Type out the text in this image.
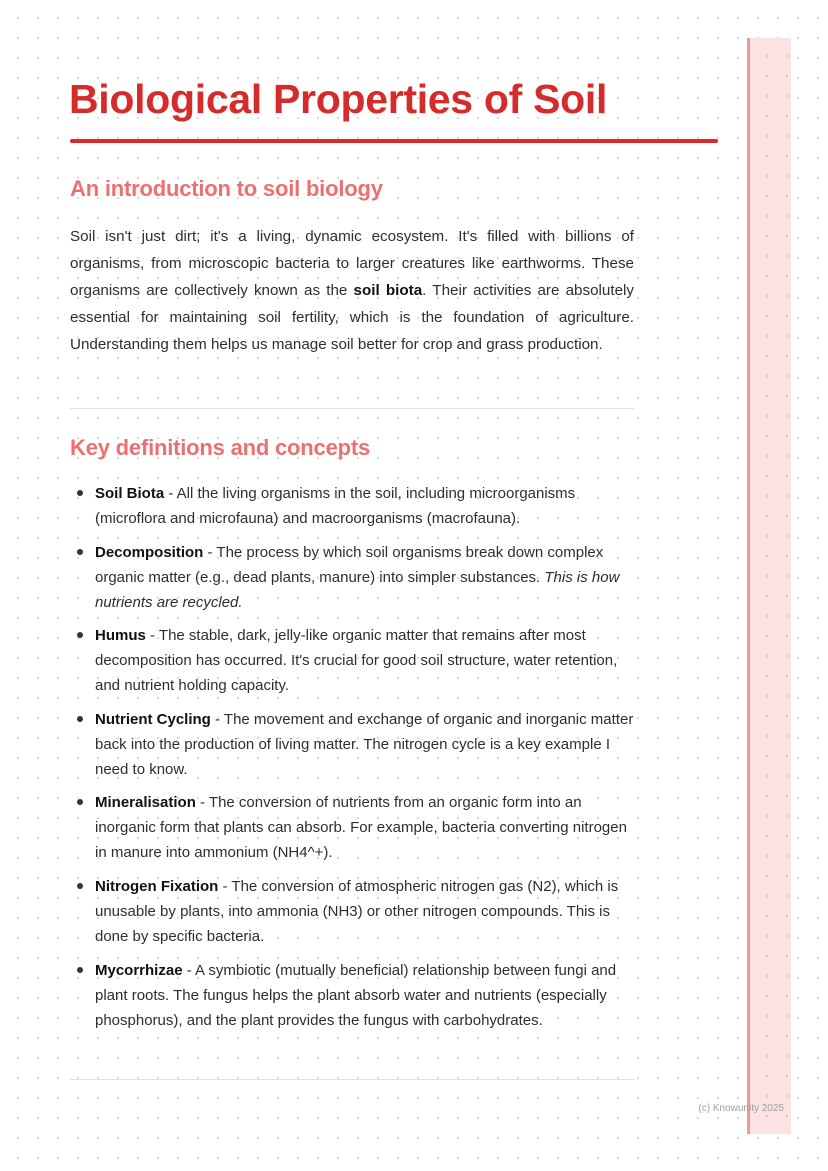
Biological Properties of Soil
An introduction to soil biology

Soil isn't just dirt; it's a living, dynamic ecosystem. It's filled with billions of organisms, from microscopic bacteria to larger creatures like earthworms. These organisms are collectively known as the soil biota. Their activities are absolutely essential for maintaining soil fertility, which is the foundation of agriculture. Understanding them helps us manage soil better for crop and grass production.

Key definitions and concepts
Soil Biota - All the living organisms in the soil, including microorganisms (microflora and microfauna) and macroorganisms (macrofauna).
Decomposition - The process by which soil organisms break down complex organic matter (e.g., dead plants, manure) into simpler substances. This is how nutrients are recycled.
Humus - The stable, dark, jelly-like organic matter that remains after most decomposition has occurred. It's crucial for good soil structure, water retention, and nutrient holding capacity.
Nutrient Cycling - The movement and exchange of organic and inorganic matter back into the production of living matter. The nitrogen cycle is a key example I need to know.
Mineralisation - The conversion of nutrients from an organic form into an inorganic form that plants can absorb. For example, bacteria converting nitrogen in manure into ammonium (NH4^+).
Nitrogen Fixation - The conversion of atmospheric nitrogen gas (N2), which is unusable by plants, into ammonia (NH3) or other nitrogen compounds. This is done by specific bacteria.
Mycorrhizae - A symbiotic (mutually beneficial) relationship between fungi and plant roots. The fungus helps the plant absorb water and nutrients (especially phosphorus), and the plant provides the fungus with carbohydrates.
(c) Knowunity 2025
